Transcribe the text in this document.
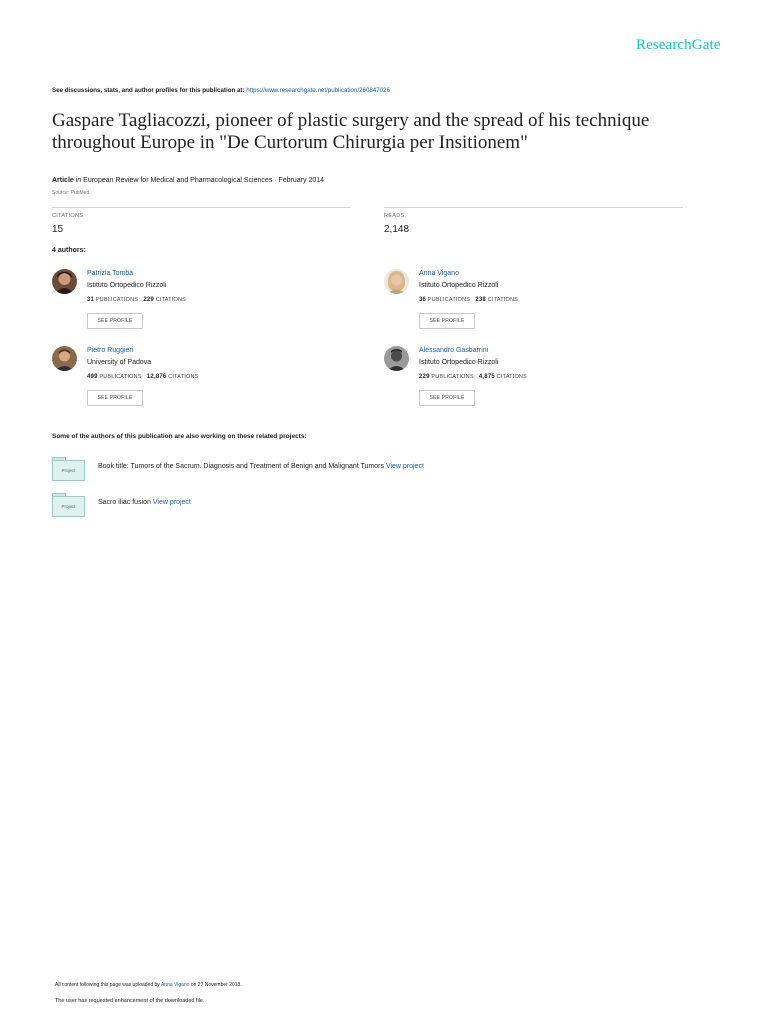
ResearchGate
See discussions, stats, and author profiles for this publication at: https://www.researchgate.net/publication/260847026
Gaspare Tagliacozzi, pioneer of plastic surgery and the spread of his technique throughout Europe in "De Curtorum Chirurgia per Insitionem"
Article in European Review for Medical and Pharmacological Sciences · February 2014
Source: PubMed
CITATIONS
15
READS
2,148
4 authors:
Patrizia Tomba
Istituto Ortopedico Rizzoli
31 PUBLICATIONS 229 CITATIONS
SEE PROFILE
Anna Vigano
Istituto Ortopedico Rizzoli
36 PUBLICATIONS 238 CITATIONS
SEE PROFILE
Pietro Ruggieri
University of Padova
499 PUBLICATIONS 12,876 CITATIONS
SEE PROFILE
Alessandro Gasbarrini
Istituto Ortopedico Rizzoli
229 PUBLICATIONS 4,875 CITATIONS
SEE PROFILE
Some of the authors of this publication are also working on these related projects:
Project
Book title: Tumors of the Sacrum. Diagnosis and Treatment of Benign and Malignant Tumors View project
Project
Sacro iliac fusion View project
All content following this page was uploaded by Anna Vigano on 27 November 2018.
The user has requested enhancement of the downloaded file.
